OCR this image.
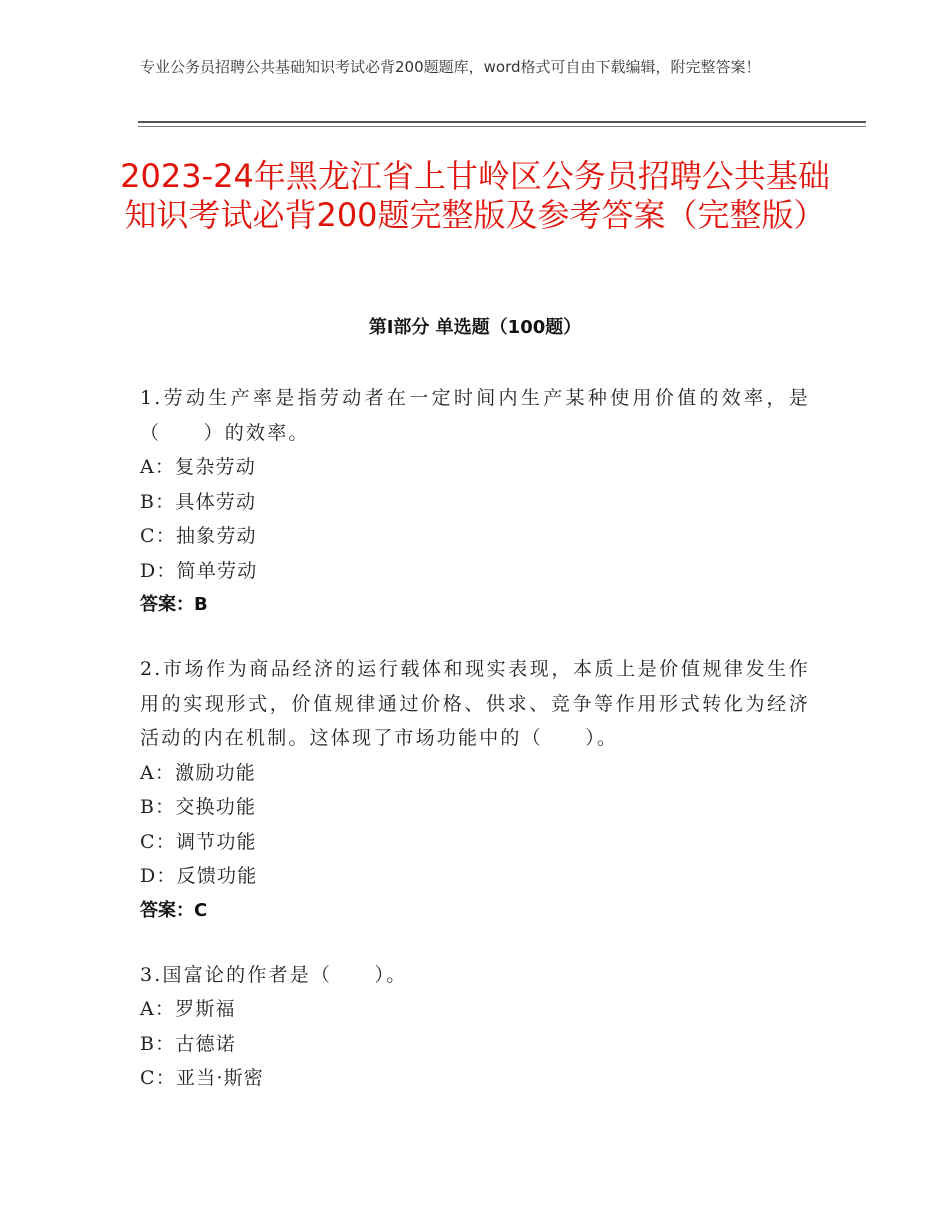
专业公务员招聘公共基础知识考试必背200题题库，word格式可自由下载编辑，附完整答案！
2023-24年黑龙江省上甘岭区公务员招聘公共基础知识考试必背200题完整版及参考答案（完整版）
第Ⅰ部分 单选题（100题）
1.劳动生产率是指劳动者在一定时间内生产某种使用价值的效率，是（　　）的效率。
A：复杂劳动
B：具体劳动
C：抽象劳动
D：简单劳动
答案：B
2.市场作为商品经济的运行载体和现实表现，本质上是价值规律发生作用的实现形式，价值规律通过价格、供求、竞争等作用形式转化为经济活动的内在机制。这体现了市场功能中的（　　）。
A：激励功能
B：交换功能
C：调节功能
D：反馈功能
答案：C
3.国富论的作者是（　　）。
A：罗斯福
B：古德诺
C：亚当·斯密
